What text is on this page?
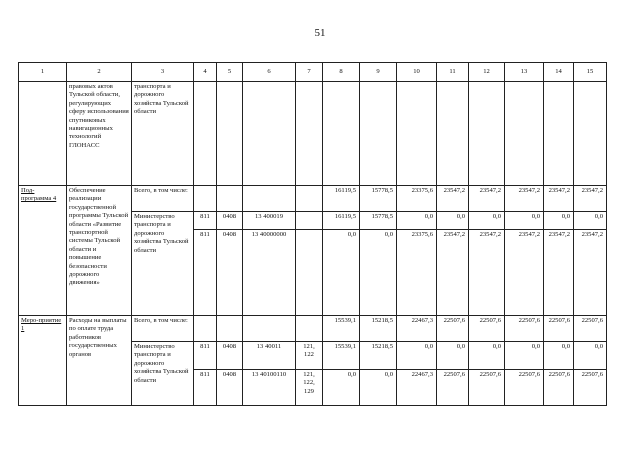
51
1	2	3	4	5	6	7	8	9	10	11	12	13	14	15
	правовых актов Тульской области, регулирующих сферу использования спутниковых навигационных технологий ГЛОНАСС	транспорта и дорожного хозяйства Тульской области												
Под-программа 4	Обеспечение реализации государственной программы Тульской области «Развитие транспортной системы Тульской области и повышение безопасности дорожного движения»	Всего, в том числе:					16119,5	15778,5	23375,6	23547,2	23547,2	23547,2	23547,2	23547,2
		Министерство транспорта и дорожного хозяйства Тульской области	811	0408	13 400019		16119,5	15778,5	0,0	0,0	0,0	0,0	0,0	0,0
			811	0408	13 40000000		0,0	0,0	23375,6	23547,2	23547,2	23547,2	23547,2	23547,2
Меро-приятие 1	Расходы на выплаты по оплате труда работников государственных органов	Всего, в том числе:					15539,1	15218,5	22467,3	22507,6	22507,6	22507,6	22507,6	22507,6
		Министерство транспорта и дорожного хозяйства Тульской области	811	0408	13 40011	121, 122	15539,1	15218,5	0,0	0,0	0,0	0,0	0,0	0,0
			811	0408	13 40100110	121, 122, 129	0,0	0,0	22467,3	22507,6	22507,6	22507,6	22507,6	22507,6
